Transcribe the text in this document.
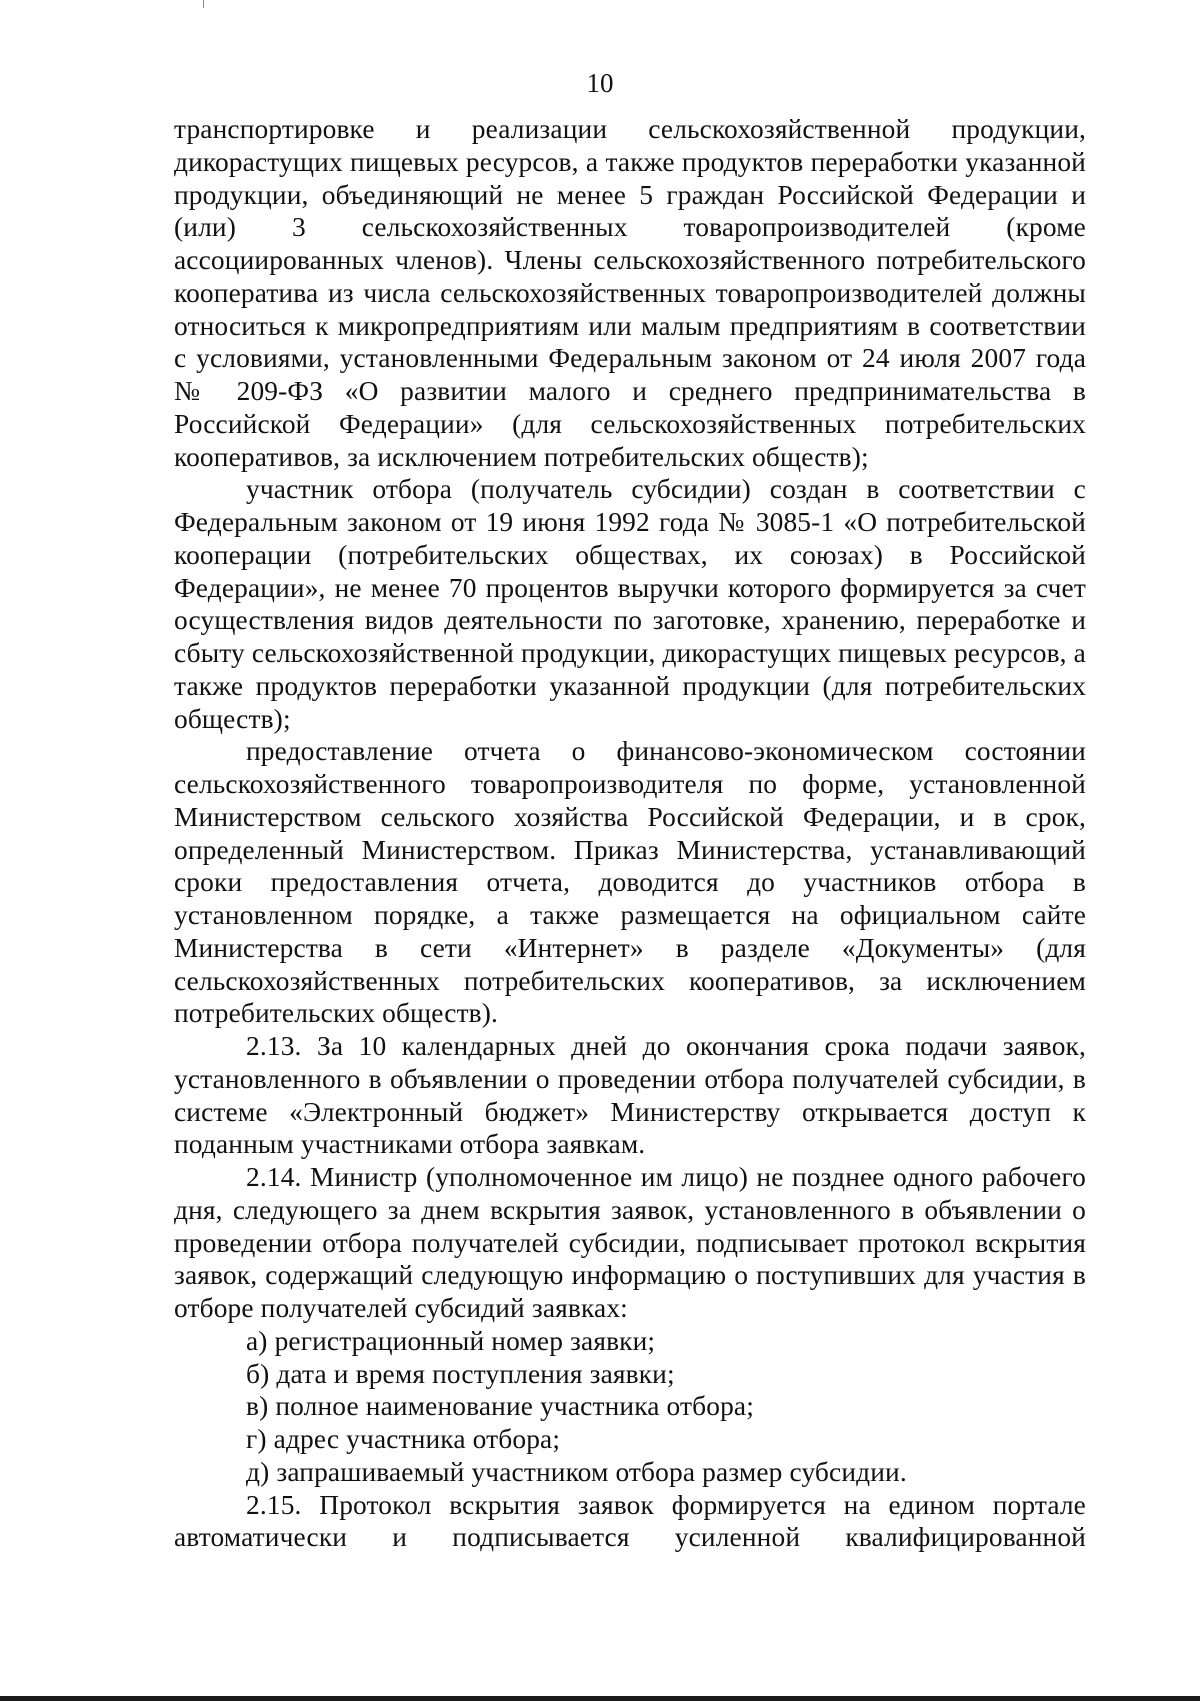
10

транспортировке и реализации сельскохозяйственной продукции, дикорастущих пищевых ресурсов, а также продуктов переработки указанной продукции, объединяющий не менее 5 граждан Российской Федерации и (или) 3 сельскохозяйственных товаропроизводителей (кроме ассоциированных членов). Члены сельскохозяйственного потребительского кооператива из числа сельскохозяйственных товаропроизводителей должны относиться к микропредприятиям или малым предприятиям в соответствии с условиями, установленными Федеральным законом от 24 июля 2007 года № 209-ФЗ «О развитии малого и среднего предпринимательства в Российской Федерации» (для сельскохозяйственных потребительских кооперативов, за исключением потребительских обществ);

участник отбора (получатель субсидии) создан в соответствии с Федеральным законом от 19 июня 1992 года № 3085-1 «О потребительской кооперации (потребительских обществах, их союзах) в Российской Федерации», не менее 70 процентов выручки которого формируется за счет осуществления видов деятельности по заготовке, хранению, переработке и сбыту сельскохозяйственной продукции, дикорастущих пищевых ресурсов, а также продуктов переработки указанной продукции (для потребительских обществ);

предоставление отчета о финансово-экономическом состоянии сельскохозяйственного товаропроизводителя по форме, установленной Министерством сельского хозяйства Российской Федерации, и в срок, определенный Министерством. Приказ Министерства, устанавливающий сроки предоставления отчета, доводится до участников отбора в установленном порядке, а также размещается на официальном сайте Министерства в сети «Интернет» в разделе «Документы» (для сельскохозяйственных потребительских кооперативов, за исключением потребительских обществ).

2.13. За 10 календарных дней до окончания срока подачи заявок, установленного в объявлении о проведении отбора получателей субсидии, в системе «Электронный бюджет» Министерству открывается доступ к поданным участниками отбора заявкам.

2.14. Министр (уполномоченное им лицо) не позднее одного рабочего дня, следующего за днем вскрытия заявок, установленного в объявлении о проведении отбора получателей субсидии, подписывает протокол вскрытия заявок, содержащий следующую информацию о поступивших для участия в отборе получателей субсидий заявках:

а) регистрационный номер заявки;

б) дата и время поступления заявки;

в) полное наименование участника отбора;

г) адрес участника отбора;

д) запрашиваемый участником отбора размер субсидии.

2.15. Протокол вскрытия заявок формируется на едином портале автоматически и подписывается усиленной квалифицированной
